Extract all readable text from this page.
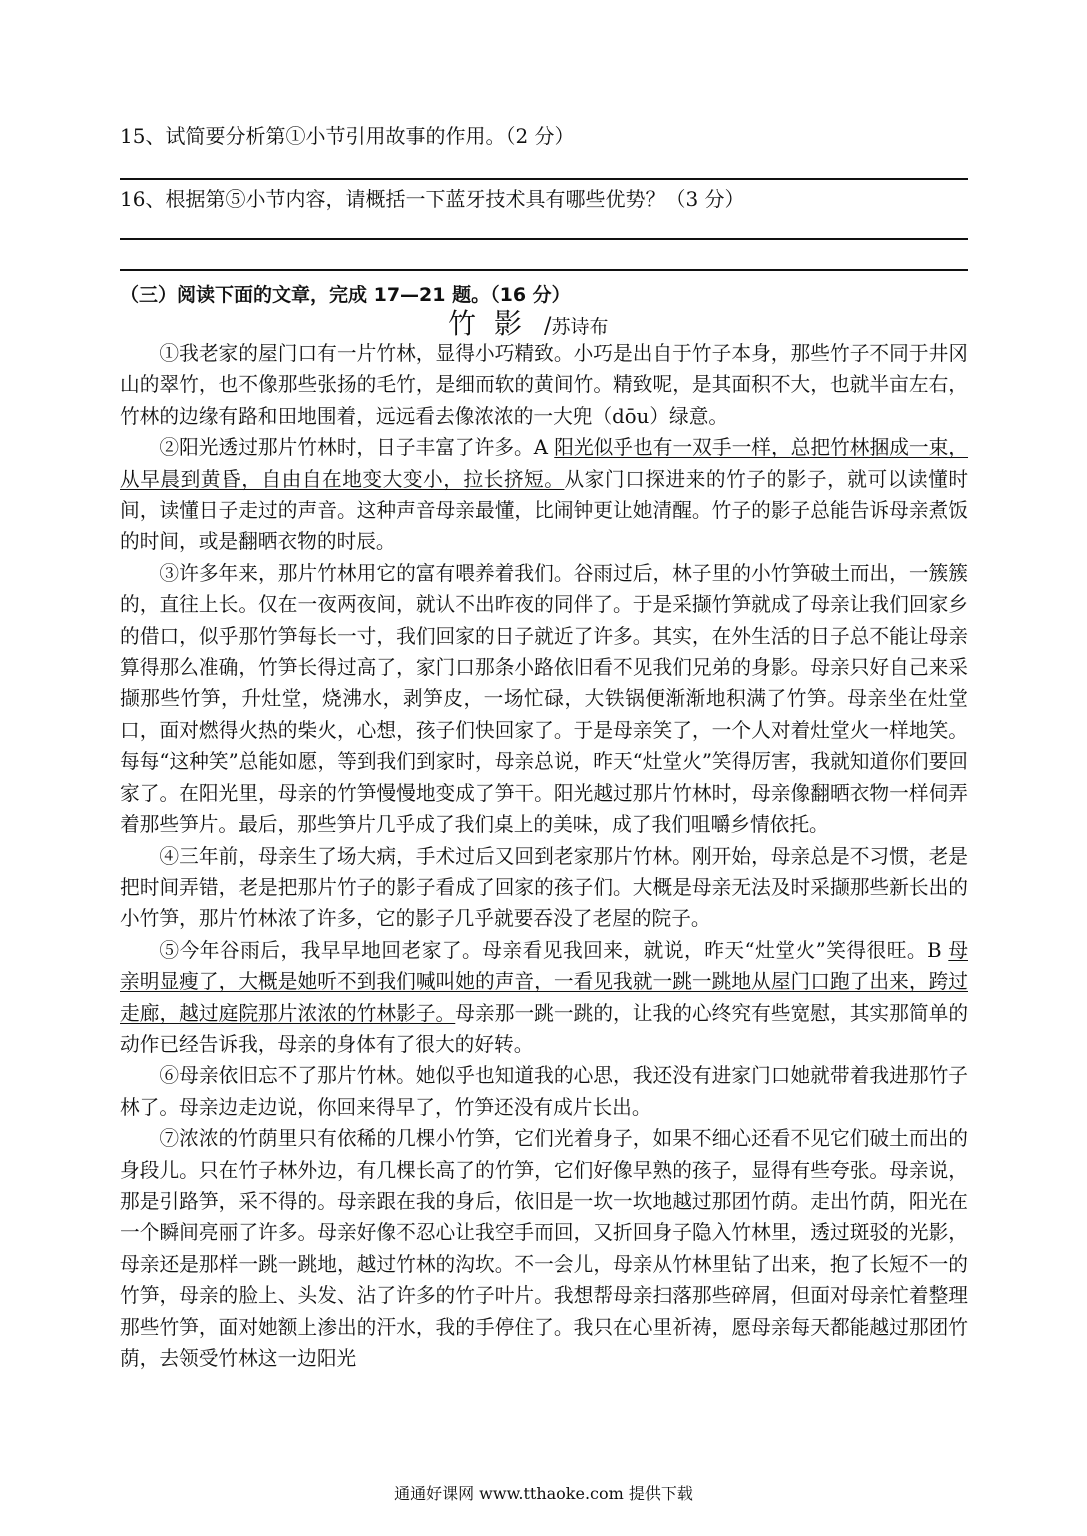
15、试简要分析第①小节引用故事的作用。（2 分）
16、根据第⑤小节内容，请概括一下蓝牙技术具有哪些优势？（3 分）
（三）阅读下面的文章，完成 17—21 题。（16 分）
竹影 /苏诗布

①我老家的屋门口有一片竹林，显得小巧精致。小巧是出自于竹子本身，那些竹子不同于井冈山的翠竹，也不像那些张扬的毛竹，是细而软的黄间竹。精致呢，是其面积不大，也就半亩左右，竹林的边缘有路和田地围着，远远看去像浓浓的一大兜（dōu）绿意。

②阳光透过那片竹林时，日子丰富了许多。A 阳光似乎也有一双手一样，总把竹林捆成一束，从早晨到黄昏，自由自在地变大变小，拉长挤短。从家门口探进来的竹子的影子，就可以读懂时间，读懂日子走过的声音。这种声音母亲最懂，比闹钟更让她清醒。竹子的影子总能告诉母亲煮饭的时间，或是翻晒衣物的时辰。

③许多年来，那片竹林用它的富有喂养着我们。谷雨过后，林子里的小竹笋破土而出，一簇簇的，直往上长。仅在一夜两夜间，就认不出昨夜的同伴了。于是采撷竹笋就成了母亲让我们回家乡的借口，似乎那竹笋每长一寸，我们回家的日子就近了许多。其实，在外生活的日子总不能让母亲算得那么准确，竹笋长得过高了，家门口那条小路依旧看不见我们兄弟的身影。母亲只好自己来采撷那些竹笋，升灶堂，烧沸水，剥笋皮，一场忙碌，大铁锅便渐渐地积满了竹笋。母亲坐在灶堂口，面对燃得火热的柴火，心想，孩子们快回家了。于是母亲笑了，一个人对着灶堂火一样地笑。每每“这种笑”总能如愿，等到我们到家时，母亲总说，昨天“灶堂火”笑得厉害，我就知道你们要回家了。在阳光里，母亲的竹笋慢慢地变成了笋干。阳光越过那片竹林时，母亲像翻晒衣物一样伺弄着那些笋片。最后，那些笋片几乎成了我们桌上的美味，成了我们咀嚼乡情依托。

④三年前，母亲生了场大病，手术过后又回到老家那片竹林。刚开始，母亲总是不习惯，老是把时间弄错，老是把那片竹子的影子看成了回家的孩子们。大概是母亲无法及时采撷那些新长出的小竹笋，那片竹林浓了许多，它的影子几乎就要吞没了老屋的院子。

⑤今年谷雨后，我早早地回老家了。母亲看见我回来，就说，昨天“灶堂火”笑得很旺。B 母亲明显瘦了，大概是她听不到我们喊叫她的声音，一看见我就一跳一跳地从屋门口跑了出来，跨过走廊，越过庭院那片浓浓的竹林影子。母亲那一跳一跳的，让我的心终究有些宽慰，其实那简单的动作已经告诉我，母亲的身体有了很大的好转。

⑥母亲依旧忘不了那片竹林。她似乎也知道我的心思，我还没有进家门口她就带着我进那竹子林了。母亲边走边说，你回来得早了，竹笋还没有成片长出。

⑦浓浓的竹荫里只有依稀的几棵小竹笋，它们光着身子，如果不细心还看不见它们破土而出的身段儿。只在竹子林外边，有几棵长高了的竹笋，它们好像早熟的孩子，显得有些夸张。母亲说，那是引路笋，采不得的。母亲跟在我的身后，依旧是一坎一坎地越过那团竹荫。走出竹荫，阳光在一个瞬间亮丽了许多。母亲好像不忍心让我空手而回，又折回身子隐入竹林里，透过斑驳的光影，母亲还是那样一跳一跳地，越过竹林的沟坎。不一会儿，母亲从竹林里钻了出来，抱了长短不一的竹笋，母亲的脸上、头发、沾了许多的竹子叶片。我想帮母亲扫落那些碎屑，但面对母亲忙着整理那些竹笋，面对她额上渗出的汗水，我的手停住了。我只在心里祈祷，愿母亲每天都能越过那团竹荫，去领受竹林这一边阳光

通通好课网 www.tthaoke.com 提供下载
